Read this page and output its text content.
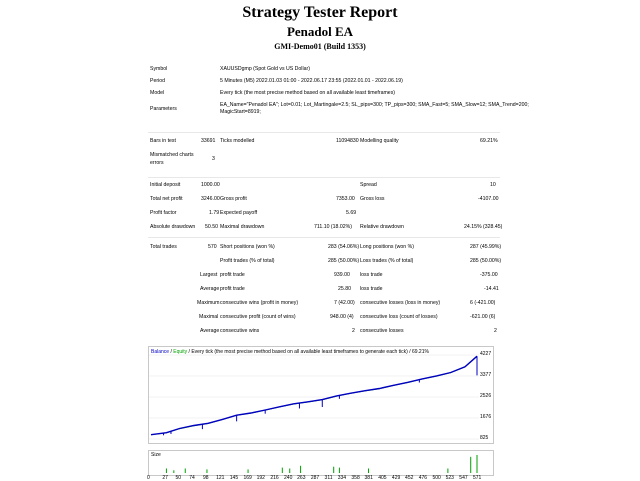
Strategy Tester Report
Penadol EA
GMI-Demo01 (Build 1353)
Symbol	XAUUSDgmp (Spot Gold vs US Dollar)
Period	5 Minutes (M5) 2022.01.03 01:00 - 2022.06.17 23:55 (2022.01.01 - 2022.06.19)
Model	Every tick (the most precise method based on all available least timeframes)
Parameters
EA_Name="Penadol EA"; Lot=0.01; Lot_Martingale=2.5; SL_pips=300; TP_pips=300; SMA_Fast=5; SMA_Slow=12; SMA_Trend=200;
MagicStart=8919;
Bars in test	33691 Ticks modelled	11094830 Modelling quality	69.21%
Mismatched charts
errors
3
Initial deposit	1000.00	Spread	10
Total net profit	3246.00 Gross profit	7353.00 Gross loss	-4107.00
Profit factor	1.79 Expected payoff	5.69
Absolute drawdown 50.50 Maximal drawdown	711.10 (18.02%) Relative drawdown	24.15% (328.45)
Total trades	570 Short positions (won %)	283 (54.06%) Long positions (won %)	287 (45.99%)
Profit trades (% of total)	285 (50.00%) Loss trades (% of total)	285 (50.00%)
Largest profit trade	939.00 loss trade	-375.00
Average profit trade	25.80 loss trade	-14.41
Maximum consecutive wins (profit in money)	7 (42.00) consecutive losses (loss in money)	6 (-421.00)
Maximal consecutive profit (count of wins)	948.00 (4) consecutive loss (count of losses)	-621.00 (6)
Average consecutive wins	2 consecutive losses	2
Balance / Equity / Every tick (the most precise method based on all available least timeframes to generate each tick) / 69.21%	4227
3377
2526
1676
825
Size
0	27 50 74 98 121 145 169 192 216 240 263 287 311 334 358 381 405 429 452 476 500 523 547 571
